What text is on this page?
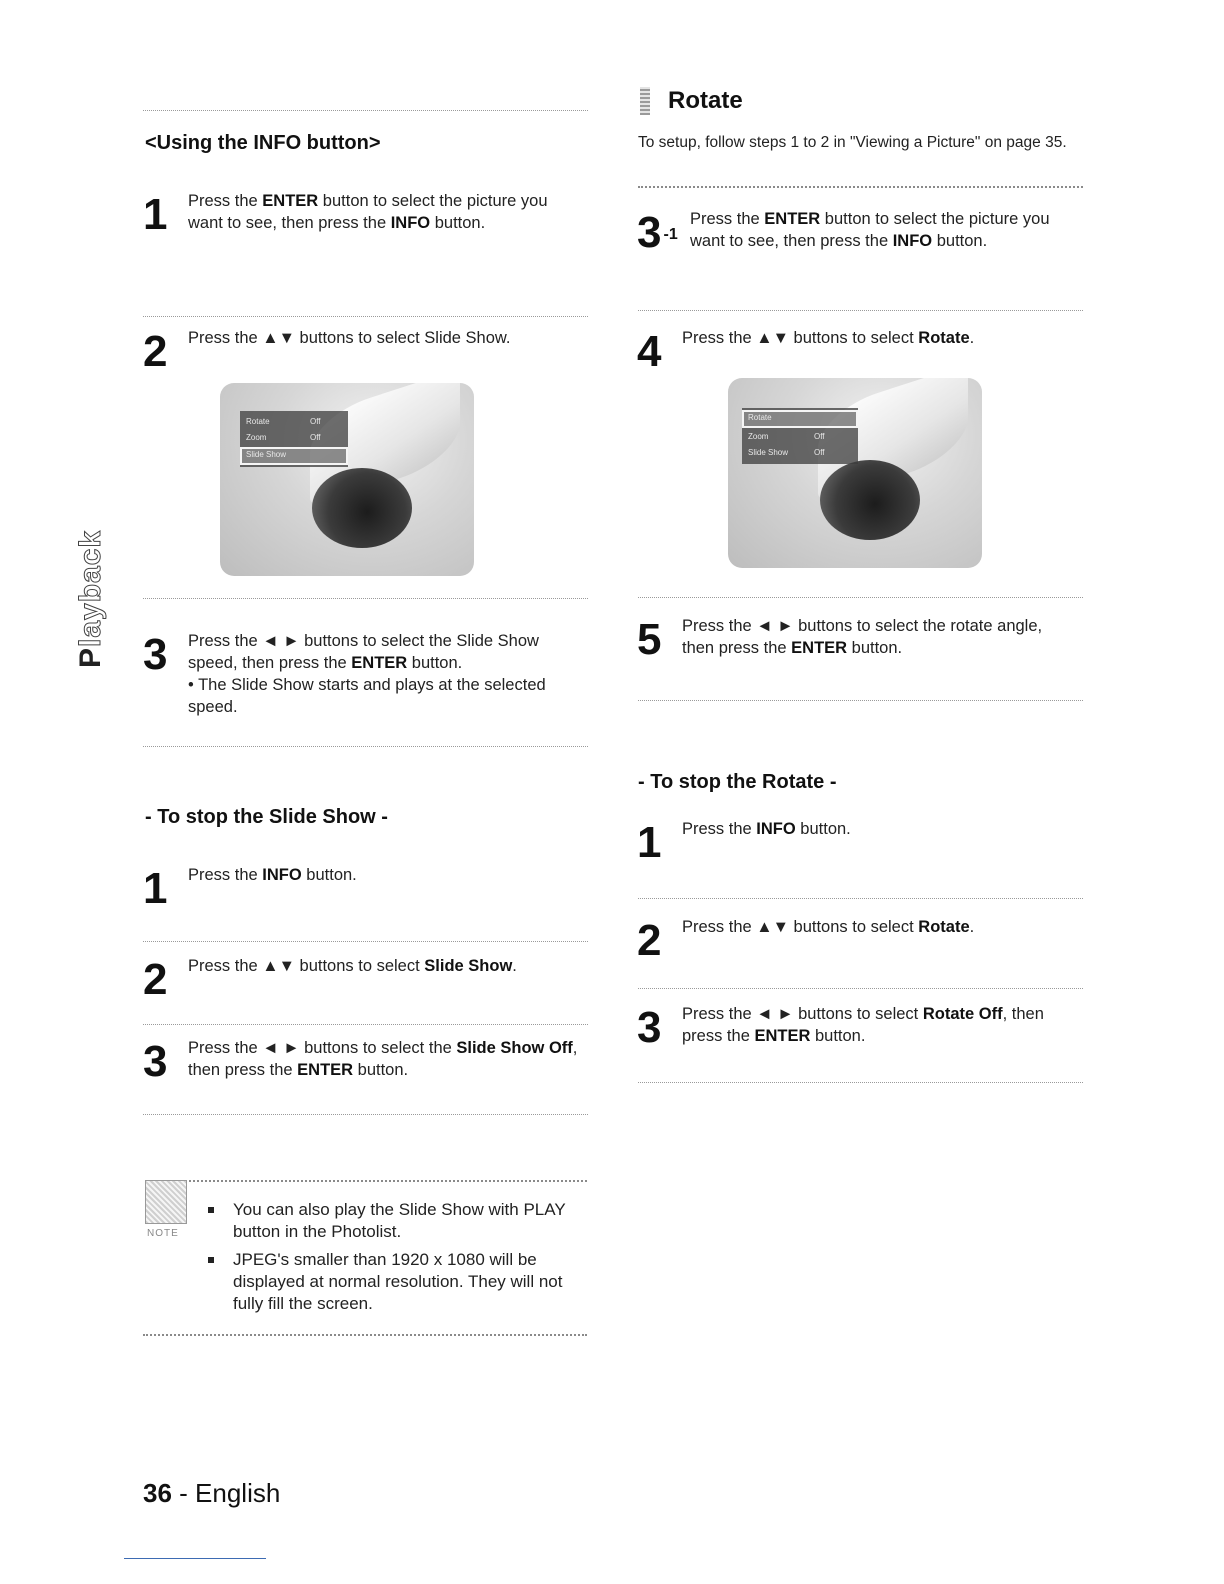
Playback
<Using the INFO button>
1 Press the ENTER button to select the picture you want to see, then press the INFO button.
2 Press the ▲▼ buttons to select Slide Show.
Rotate	Off
Zoom	Off
Slide Show
3 Press the ◄ ► buttons to select the Slide Show speed, then press the ENTER button.
• The Slide Show starts and plays at the selected speed.
- To stop the Slide Show -
1 Press the INFO button.
2 Press the ▲▼ buttons to select Slide Show.
3 Press the ◄ ► buttons to select the Slide Show Off, then press the ENTER button.
NOTE
You can also play the Slide Show with PLAY button in the Photolist.
JPEG's smaller than 1920 x 1080 will be displayed at normal resolution. They will not fully fill the screen.
Rotate
To setup, follow steps 1 to 2 in "Viewing a Picture" on page 35.
3 $^{-1}$
Press the ENTER button to select the picture you want to see, then press the INFO button.
4 Press the ▲▼ buttons to select Rotate.
Rotate
Zoom	Off
Slide Show	Off
5 Press the ◄ ► buttons to select the rotate angle, then press the ENTER button.
- To stop the Rotate -
1 Press the INFO button.
2 Press the ▲▼ buttons to select Rotate.
3 Press the ◄ ► buttons to select Rotate Off, then press the ENTER button.
36 - English
